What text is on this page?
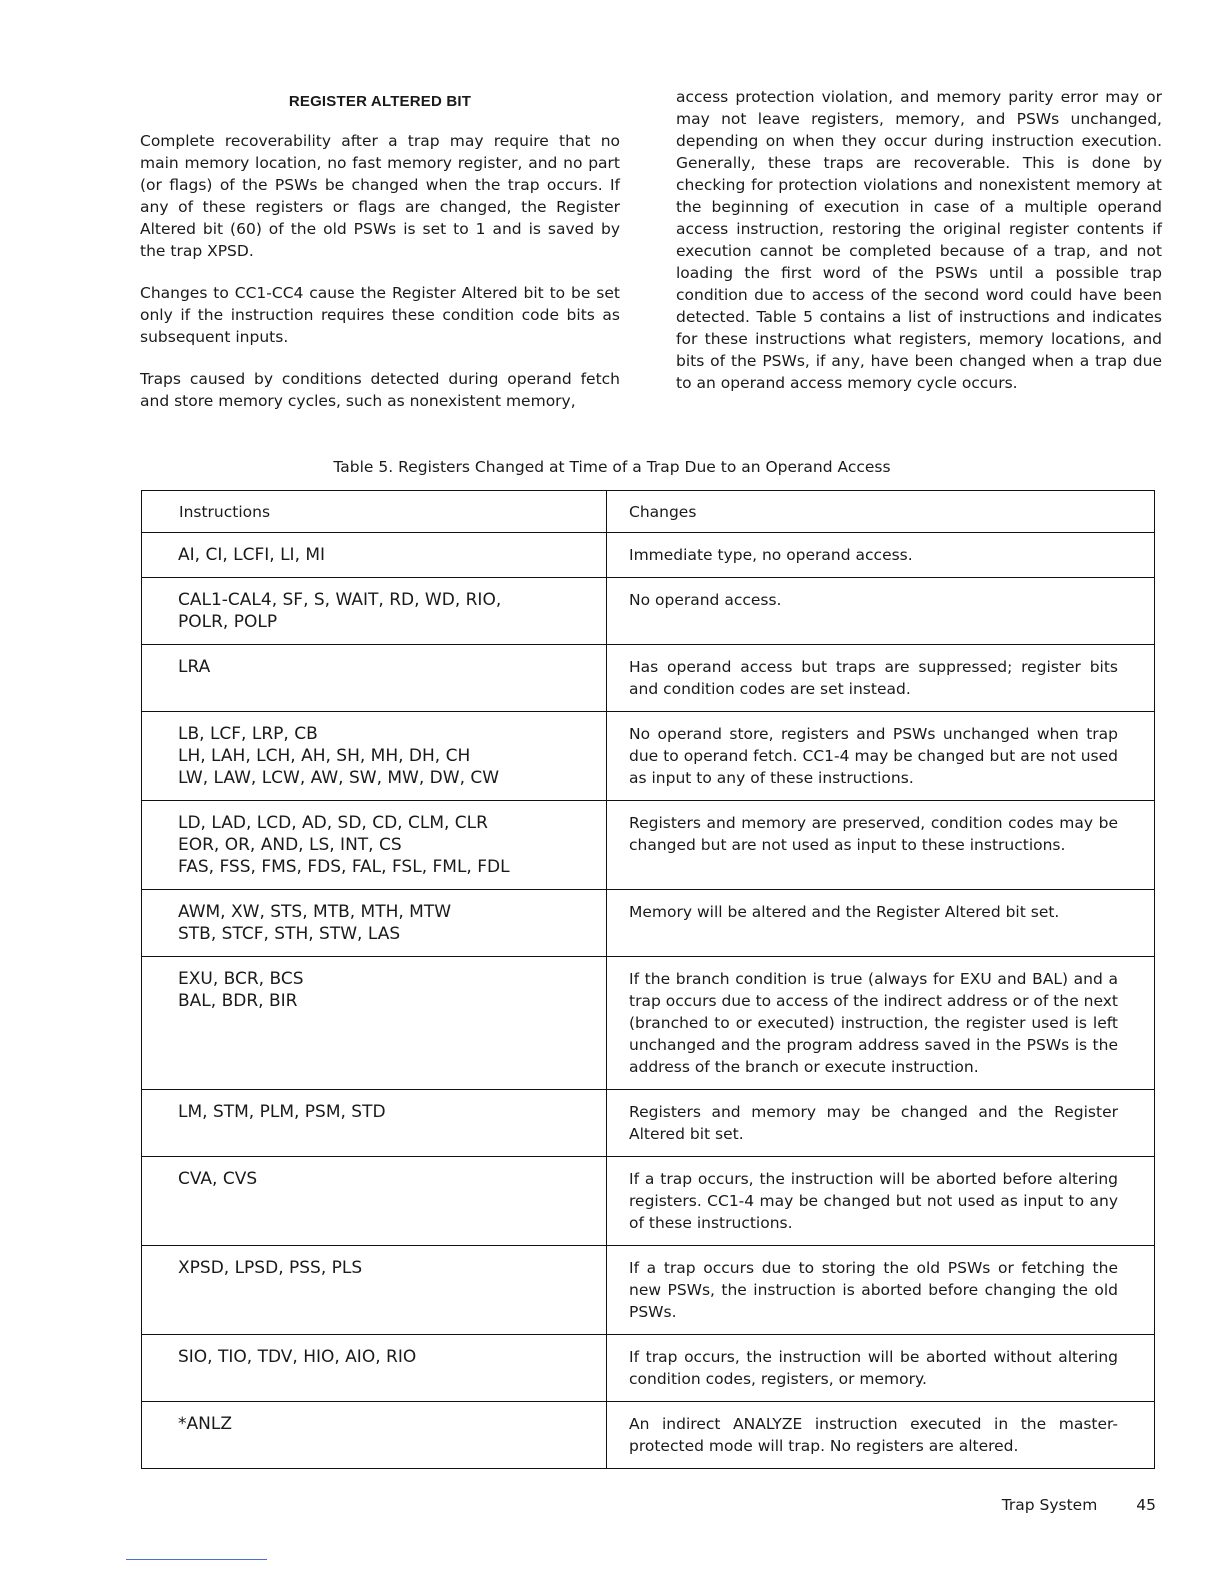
REGISTER ALTERED BIT

Complete recoverability after a trap may require that no main memory location, no fast memory register, and no part (or flags) of the PSWs be changed when the trap occurs. If any of these registers or flags are changed, the Register Altered bit (60) of the old PSWs is set to 1 and is saved by the trap XPSD.

Changes to CC1-CC4 cause the Register Altered bit to be set only if the instruction requires these condition code bits as subsequent inputs.

Traps caused by conditions detected during operand fetch and store memory cycles, such as nonexistent memory,

access protection violation, and memory parity error may or may not leave registers, memory, and PSWs unchanged, depending on when they occur during instruction execution. Generally, these traps are recoverable. This is done by checking for protection violations and nonexistent memory at the beginning of execution in case of a multiple operand access instruction, restoring the original register contents if execution cannot be completed because of a trap, and not loading the first word of the PSWs until a possible trap condition due to access of the second word could have been detected. Table 5 contains a list of instructions and indicates for these instructions what registers, memory locations, and bits of the PSWs, if any, have been changed when a trap due to an operand access memory cycle occurs.

Table 5. Registers Changed at Time of a Trap Due to an Operand Access
Instructions	Changes

AI, CI, LCFI, LI, MI	Immediate type, no operand access.

CAL1-CAL4, SF, S, WAIT, RD, WD, RIO,
POLR, POLP	No operand access.

LRA	Has operand access but traps are suppressed; register bits and condition codes are set instead.

LB, LCF, LRP, CB
LH, LAH, LCH, AH, SH, MH, DH, CH
LW, LAW, LCW, AW, SW, MW, DW, CW	No operand store, registers and PSWs unchanged when trap due to operand fetch. CC1-4 may be changed but are not used as input to any of these instructions.

LD, LAD, LCD, AD, SD, CD, CLM, CLR
EOR, OR, AND, LS, INT, CS
FAS, FSS, FMS, FDS, FAL, FSL, FML, FDL	Registers and memory are preserved, condition codes may be changed but are not used as input to these instructions.

AWM, XW, STS, MTB, MTH, MTW
STB, STCF, STH, STW, LAS	Memory will be altered and the Register Altered bit set.

EXU, BCR, BCS
BAL, BDR, BIR	If the branch condition is true (always for EXU and BAL) and a trap occurs due to access of the indirect address or of the next (branched to or executed) instruction, the register used is left unchanged and the program address saved in the PSWs is the address of the branch or execute instruction.

LM, STM, PLM, PSM, STD	Registers and memory may be changed and the Register Altered bit set.

CVA, CVS	If a trap occurs, the instruction will be aborted before altering registers. CC1-4 may be changed but not used as input to any of these instructions.

XPSD, LPSD, PSS, PLS	If a trap occurs due to storing the old PSWs or fetching the new PSWs, the instruction is aborted before changing the old PSWs.

SIO, TIO, TDV, HIO, AIO, RIO	If trap occurs, the instruction will be aborted without altering condition codes, registers, or memory.

*ANLZ	An indirect ANALYZE instruction executed in the master-protected mode will trap. No registers are altered.
Trap System	45
